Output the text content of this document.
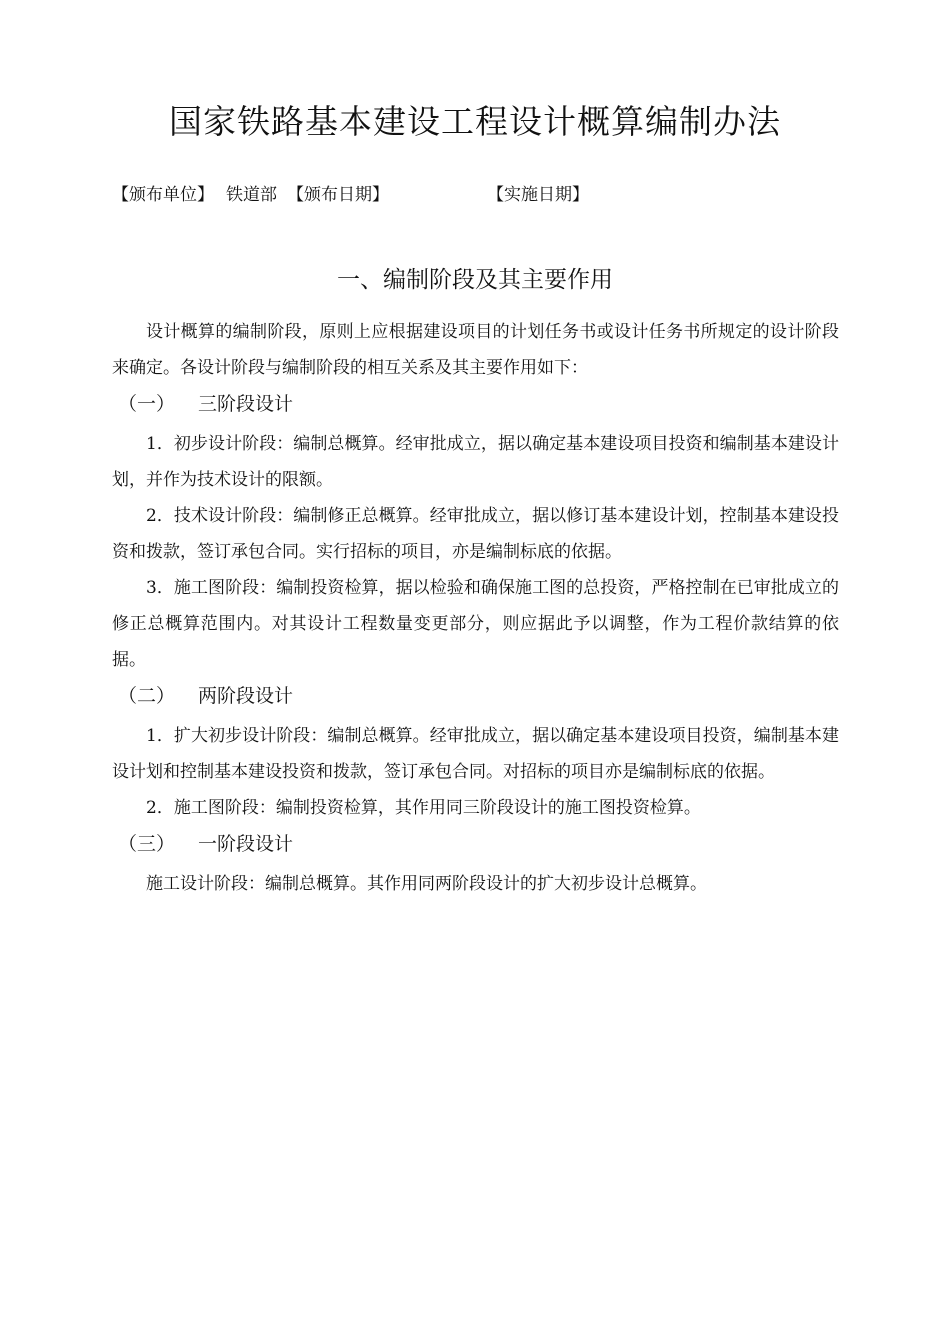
国家铁路基本建设工程设计概算编制办法
【颁布单位】 铁道部 【颁布日期】	【实施日期】
一、编制阶段及其主要作用

设计概算的编制阶段，原则上应根据建设项目的计划任务书或设计任务书所规定的设计阶段来确定。各设计阶段与编制阶段的相互关系及其主要作用如下：

（一） 三阶段设计

1．初步设计阶段：编制总概算。经审批成立，据以确定基本建设项目投资和编制基本建设计划，并作为技术设计的限额。

2．技术设计阶段：编制修正总概算。经审批成立，据以修订基本建设计划，控制基本建设投资和拨款，签订承包合同。实行招标的项目，亦是编制标底的依据。

3．施工图阶段：编制投资检算，据以检验和确保施工图的总投资，严格控制在已审批成立的修正总概算范围内。对其设计工程数量变更部分，则应据此予以调整，作为工程价款结算的依据。

（二） 两阶段设计

1．扩大初步设计阶段：编制总概算。经审批成立，据以确定基本建设项目投资，编制基本建设计划和控制基本建设投资和拨款，签订承包合同。对招标的项目亦是编制标底的依据。

2．施工图阶段：编制投资检算，其作用同三阶段设计的施工图投资检算。

（三） 一阶段设计

施工设计阶段：编制总概算。其作用同两阶段设计的扩大初步设计总概算。
